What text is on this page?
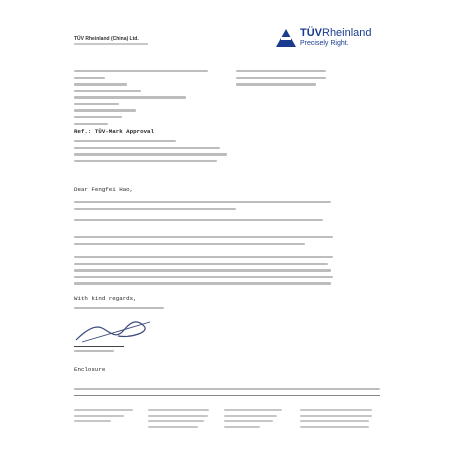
TÜV Rheinland (China) Ltd.	TÜVRheinland
Precisely Right.
Ref.: TÜV-Mark Approval
Dear Fengfei Hao,
With kind regards,
Enclosure
